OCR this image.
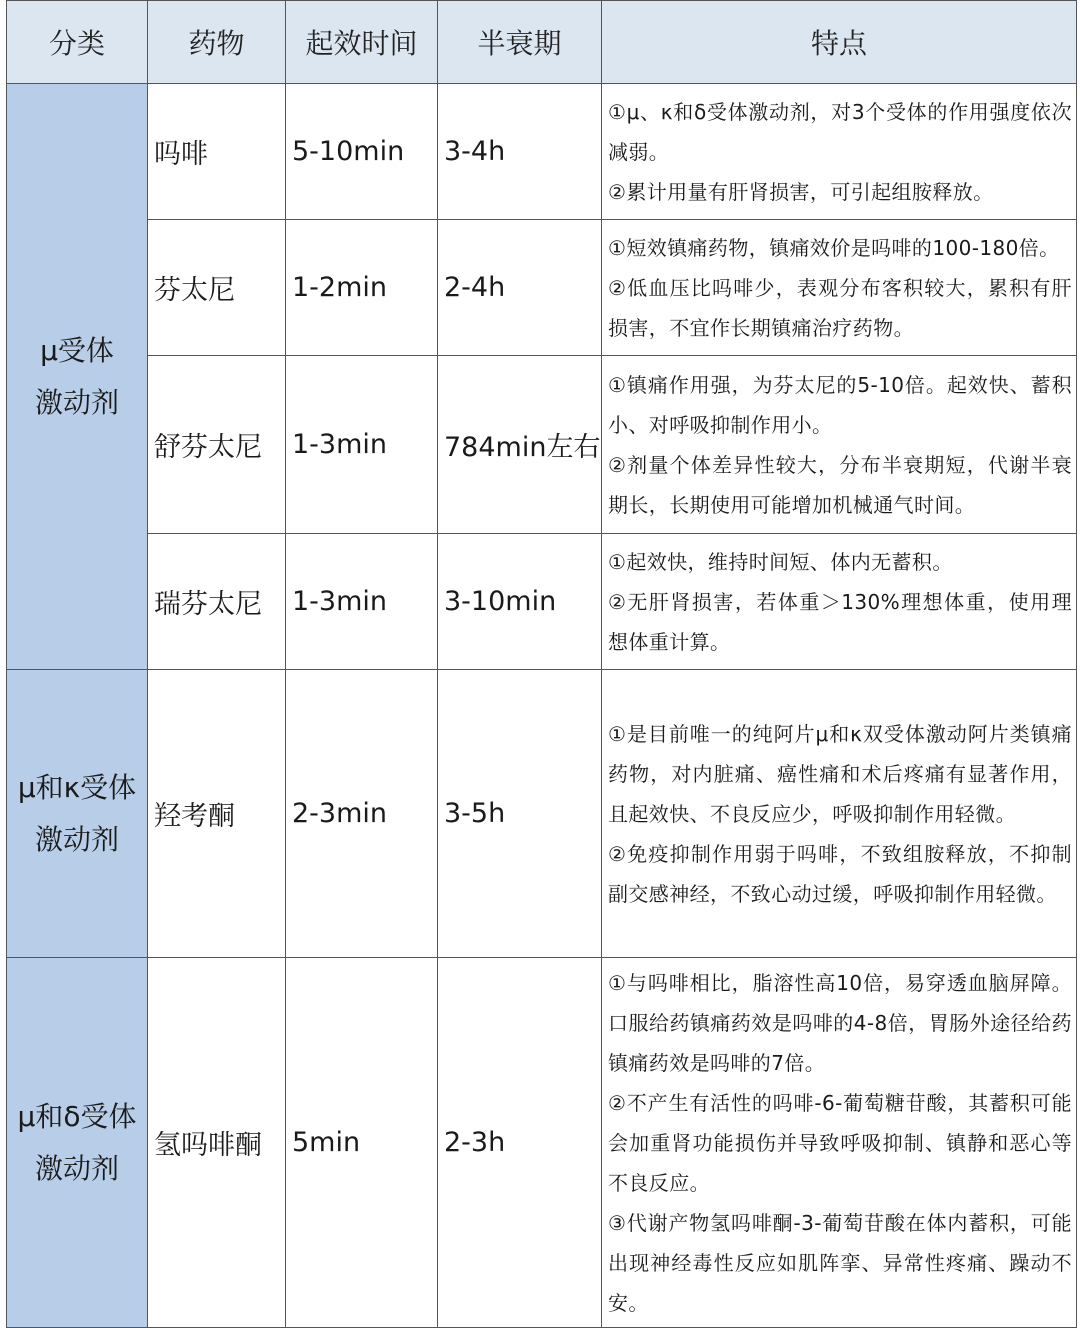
分类	药物	起效时间	半衰期	特点

μ受体
激动剂	吗啡	5-10min	3-4h	①μ、κ和δ受体激动剂，对3个受体的作用强度依次减弱。
②累计用量有肝肾损害，可引起组胺释放。

	芬太尼	1-2min	2-4h	①短效镇痛药物，镇痛效价是吗啡的100-180倍。
②低血压比吗啡少，表观分布客积较大，累积有肝损害，不宜作长期镇痛治疗药物。

	舒芬太尼	1-3min	784min左右	①镇痛作用强，为芬太尼的5-10倍。起效快、蓄积小、对呼吸抑制作用小。
②剂量个体差异性较大，分布半衰期短，代谢半衰期长，长期使用可能增加机械通气时间。

	瑞芬太尼	1-3min	3-10min	①起效快，维持时间短、体内无蓄积。
②无肝肾损害，若体重＞130%理想体重，使用理想体重计算。

μ和κ受体
激动剂	羟考酮	2-3min	3-5h	①是目前唯一的纯阿片μ和κ双受体激动阿片类镇痛药物，对内脏痛、癌性痛和术后疼痛有显著作用，且起效快、不良反应少，呼吸抑制作用轻微。
②免疫抑制作用弱于吗啡，不致组胺释放，不抑制副交感神经，不致心动过缓，呼吸抑制作用轻微。

μ和δ受体
激动剂	氢吗啡酮	5min	2-3h	①与吗啡相比，脂溶性高10倍，易穿透血脑屏障。口服给药镇痛药效是吗啡的4-8倍，胃肠外途径给药镇痛药效是吗啡的7倍。
②不产生有活性的吗啡-6-葡萄糖苷酸，其蓄积可能会加重肾功能损伤并导致呼吸抑制、镇静和恶心等不良反应。
③代谢产物氢吗啡酮-3-葡萄苷酸在体内蓄积，可能出现神经毒性反应如肌阵挛、异常性疼痛、躁动不安。
